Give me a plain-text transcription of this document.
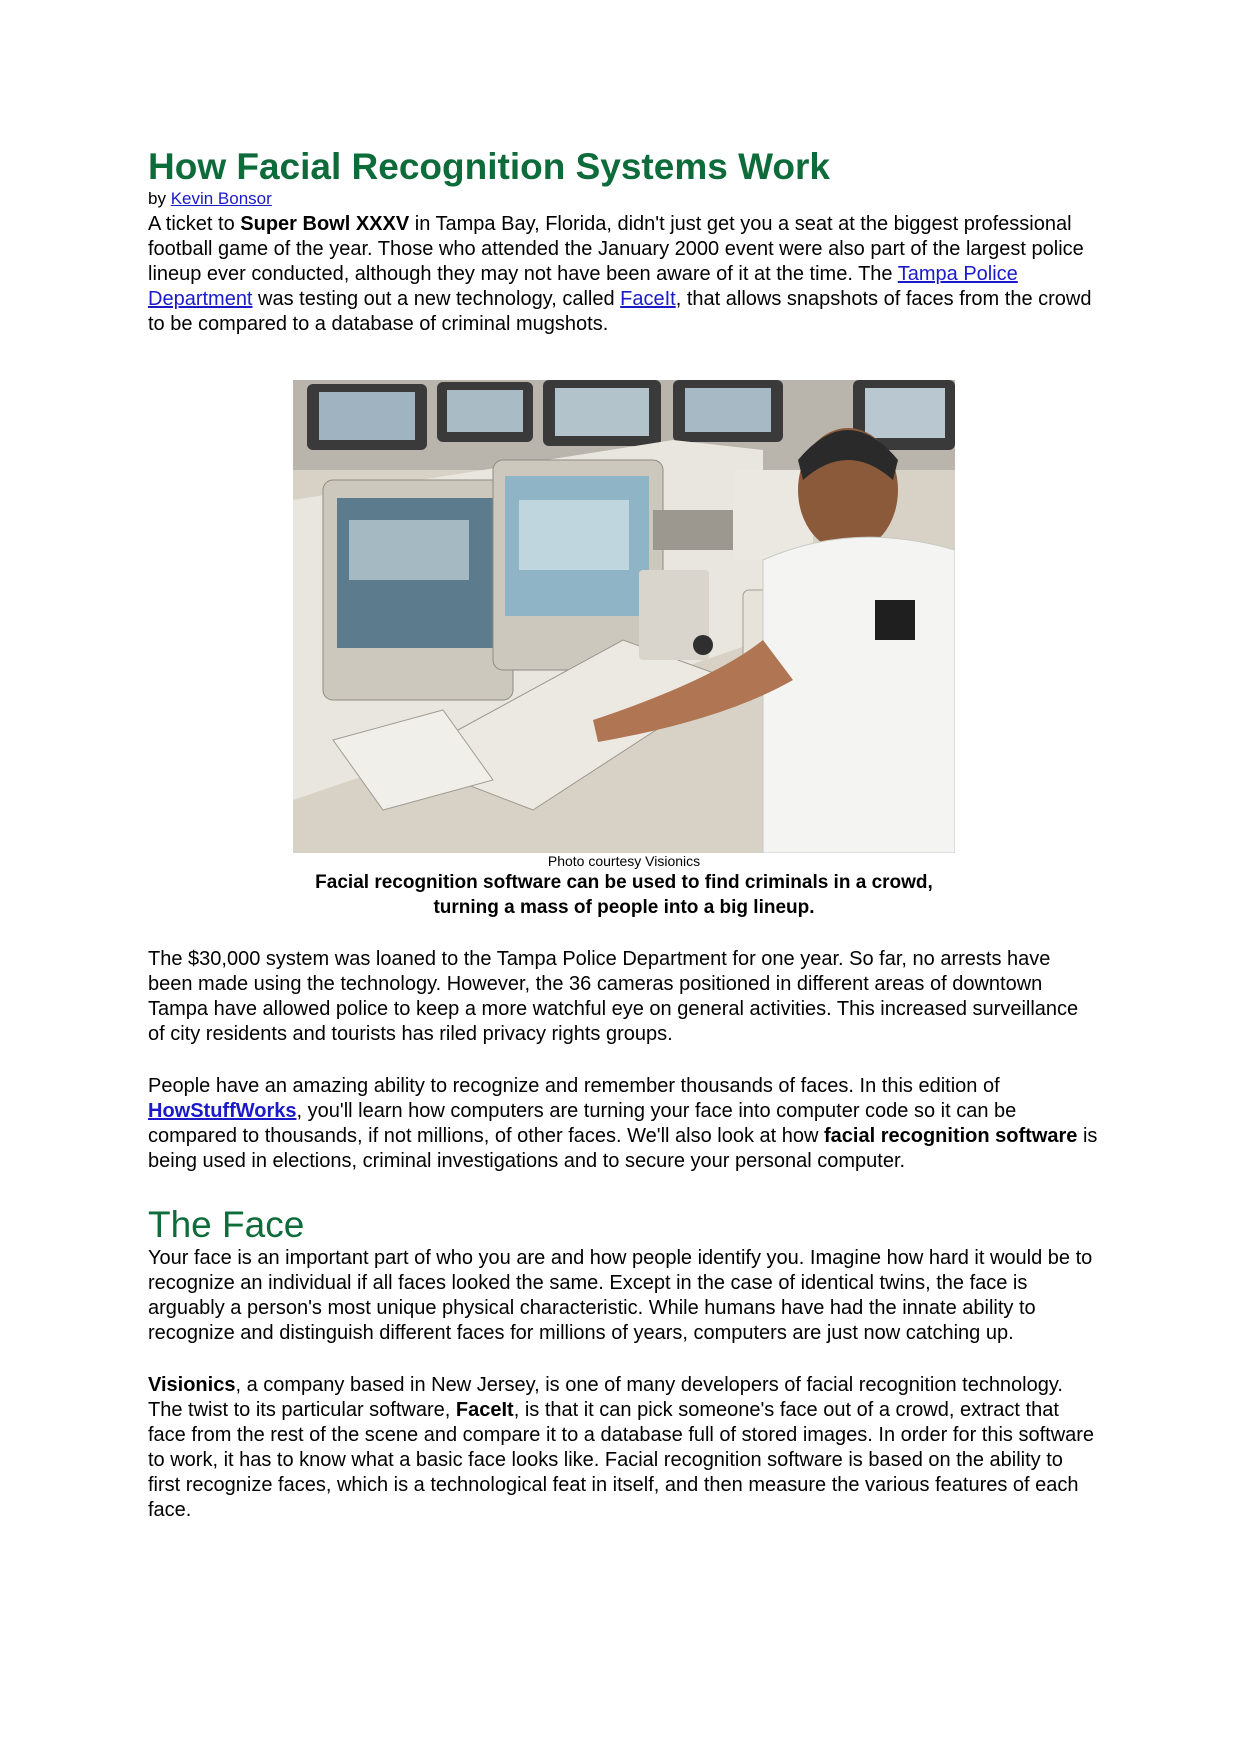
How Facial Recognition Systems Work
by Kevin Bonsor

A ticket to Super Bowl XXXV in Tampa Bay, Florida, didn't just get you a seat at the biggest professional football game of the year. Those who attended the January 2000 event were also part of the largest police lineup ever conducted, although they may not have been aware of it at the time. The Tampa Police Department was testing out a new technology, called FaceIt, that allows snapshots of faces from the crowd to be compared to a database of criminal mugshots.

Photo courtesy Visionics

Facial recognition software can be used to find criminals in a crowd, turning a mass of people into a big lineup.

The $30,000 system was loaned to the Tampa Police Department for one year. So far, no arrests have been made using the technology. However, the 36 cameras positioned in different areas of downtown Tampa have allowed police to keep a more watchful eye on general activities. This increased surveillance of city residents and tourists has riled privacy rights groups.

People have an amazing ability to recognize and remember thousands of faces. In this edition of HowStuffWorks, you'll learn how computers are turning your face into computer code so it can be compared to thousands, if not millions, of other faces. We'll also look at how facial recognition software is being used in elections, criminal investigations and to secure your personal computer.

The Face

Your face is an important part of who you are and how people identify you. Imagine how hard it would be to recognize an individual if all faces looked the same. Except in the case of identical twins, the face is arguably a person's most unique physical characteristic. While humans have had the innate ability to recognize and distinguish different faces for millions of years, computers are just now catching up.

Visionics, a company based in New Jersey, is one of many developers of facial recognition technology. The twist to its particular software, FaceIt, is that it can pick someone's face out of a crowd, extract that face from the rest of the scene and compare it to a database full of stored images. In order for this software to work, it has to know what a basic face looks like. Facial recognition software is based on the ability to first recognize faces, which is a technological feat in itself, and then measure the various features of each face.
